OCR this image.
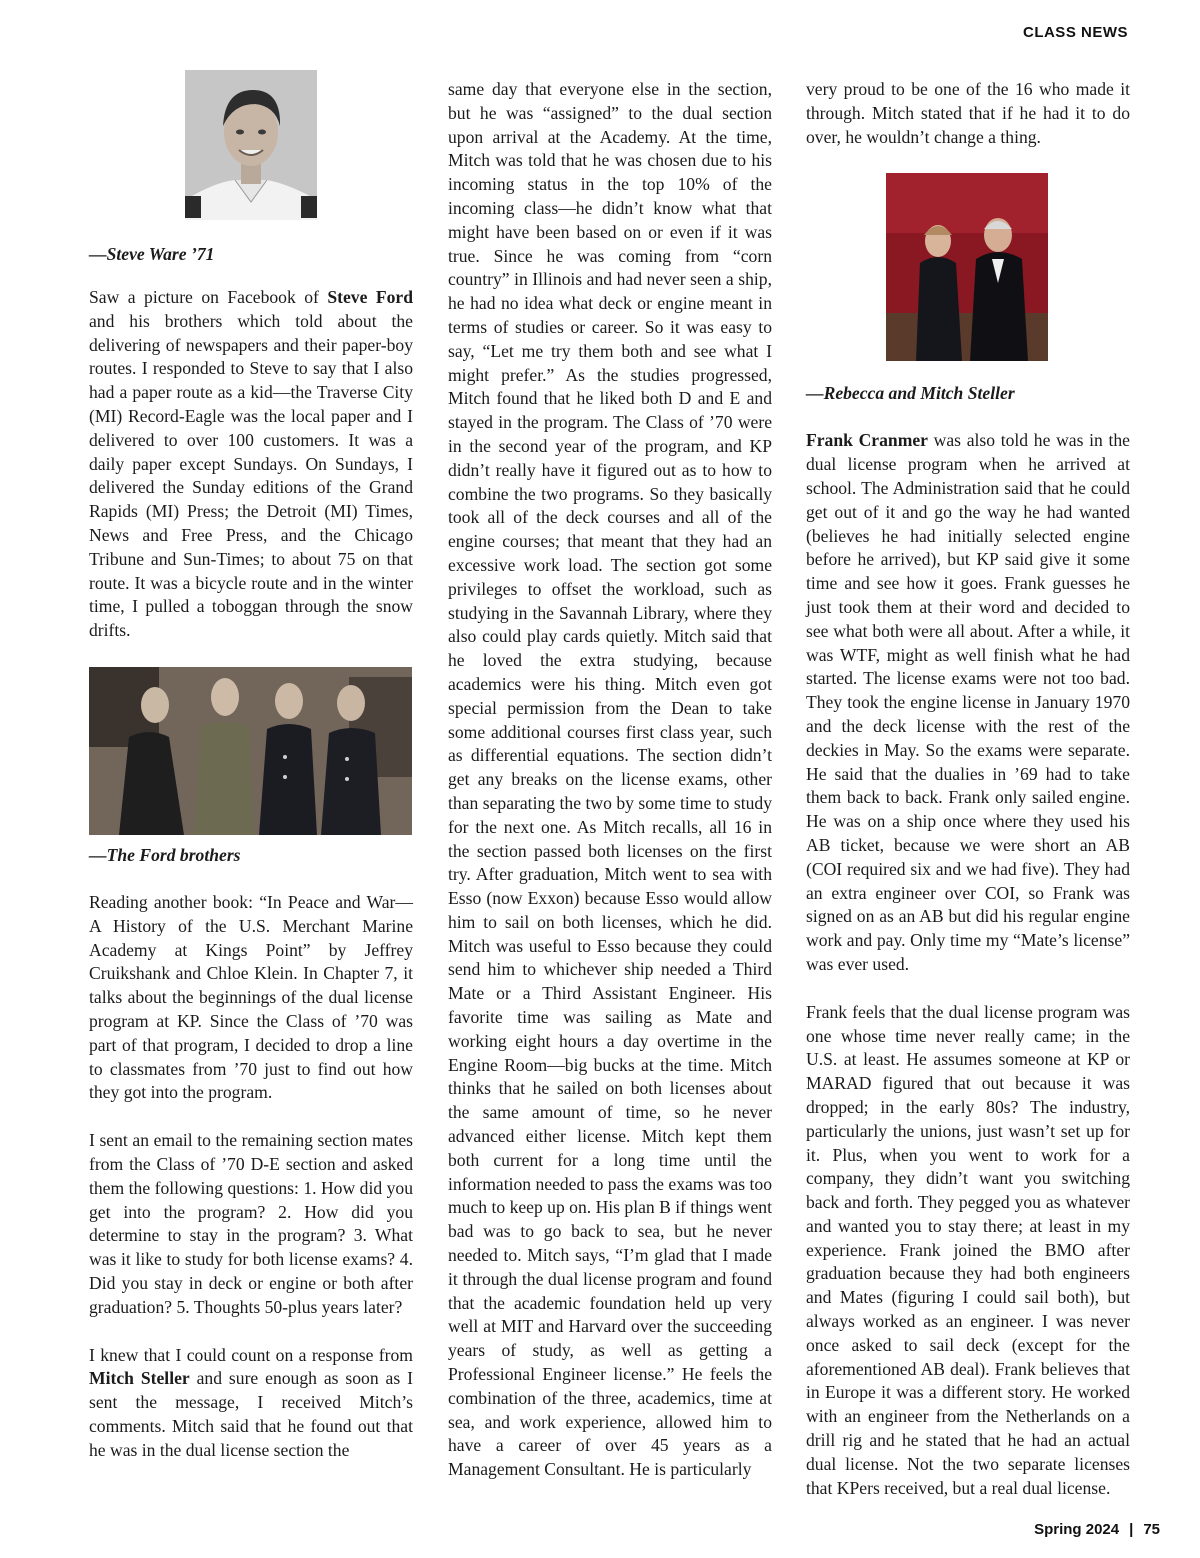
CLASS NEWS
—Steve Ware ’71

Saw a picture on Facebook of Steve Ford and his brothers which told about the delivering of newspapers and their paper-boy routes. I responded to Steve to say that I also had a paper route as a kid—the Traverse City (MI) Record-Eagle was the local paper and I delivered to over 100 customers. It was a daily paper except Sundays. On Sundays, I delivered the Sunday editions of the Grand Rapids (MI) Press; the Detroit (MI) Times, News and Free Press, and the Chicago Tribune and Sun-Times; to about 75 on that route. It was a bicycle route and in the winter time, I pulled a toboggan through the snow drifts.

—The Ford brothers

Reading another book: “In Peace and War—A History of the U.S. Merchant Marine Academy at Kings Point” by Jeffrey Cruikshank and Chloe Klein. In Chapter 7, it talks about the beginnings of the dual license program at KP. Since the Class of ’70 was part of that program, I decided to drop a line to classmates from ’70 just to find out how they got into the program.

I sent an email to the remaining section mates from the Class of ’70 D-E section and asked them the following questions: 1. How did you get into the program? 2. How did you determine to stay in the program? 3. What was it like to study for both license exams? 4. Did you stay in deck or engine or both after graduation? 5. Thoughts 50-plus years later?

I knew that I could count on a response from Mitch Steller and sure enough as soon as I sent the message, I received Mitch’s comments. Mitch said that he found out that he was in the dual license section the

same day that everyone else in the section, but he was “assigned” to the dual section upon arrival at the Academy. At the time, Mitch was told that he was chosen due to his incoming status in the top 10% of the incoming class—he didn’t know what that might have been based on or even if it was true. Since he was coming from “corn country” in Illinois and had never seen a ship, he had no idea what deck or engine meant in terms of studies or career. So it was easy to say, “Let me try them both and see what I might prefer.” As the studies progressed, Mitch found that he liked both D and E and stayed in the program. The Class of ’70 were in the second year of the program, and KP didn’t really have it figured out as to how to combine the two programs. So they basically took all of the deck courses and all of the engine courses; that meant that they had an excessive work load. The section got some privileges to offset the workload, such as studying in the Savannah Library, where they also could play cards quietly. Mitch said that he loved the extra studying, because academics were his thing. Mitch even got special permission from the Dean to take some additional courses first class year, such as differential equations. The section didn’t get any breaks on the license exams, other than separating the two by some time to study for the next one. As Mitch recalls, all 16 in the section passed both licenses on the first try. After graduation, Mitch went to sea with Esso (now Exxon) because Esso would allow him to sail on both licenses, which he did. Mitch was useful to Esso because they could send him to whichever ship needed a Third Mate or a Third Assistant Engineer. His favorite time was sailing as Mate and working eight hours a day overtime in the Engine Room—big bucks at the time. Mitch thinks that he sailed on both licenses about the same amount of time, so he never advanced either license. Mitch kept them both current for a long time until the information needed to pass the exams was too much to keep up on. His plan B if things went bad was to go back to sea, but he never needed to. Mitch says, “I’m glad that I made it through the dual license program and found that the academic foundation held up very well at MIT and Harvard over the succeeding years of study, as well as getting a Professional Engineer license.” He feels the combination of the three, academics, time at sea, and work experience, allowed him to have a career of over 45 years as a Management Consultant. He is particularly

very proud to be one of the 16 who made it through. Mitch stated that if he had it to do over, he wouldn’t change a thing.

—Rebecca and Mitch Steller

Frank Cranmer was also told he was in the dual license program when he arrived at school. The Administration said that he could get out of it and go the way he had wanted (believes he had initially selected engine before he arrived), but KP said give it some time and see how it goes. Frank guesses he just took them at their word and decided to see what both were all about. After a while, it was WTF, might as well finish what he had started. The license exams were not too bad. They took the engine license in January 1970 and the deck license with the rest of the deckies in May. So the exams were separate. He said that the dualies in ’69 had to take them back to back. Frank only sailed engine. He was on a ship once where they used his AB ticket, because we were short an AB (COI required six and we had five). They had an extra engineer over COI, so Frank was signed on as an AB but did his regular engine work and pay. Only time my “Mate’s license” was ever used.

Frank feels that the dual license program was one whose time never really came; in the U.S. at least. He assumes someone at KP or MARAD figured that out because it was dropped; in the early 80s? The industry, particularly the unions, just wasn’t set up for it. Plus, when you went to work for a company, they didn’t want you switching back and forth. They pegged you as whatever and wanted you to stay there; at least in my experience. Frank joined the BMO after graduation because they had both engineers and Mates (figuring I could sail both), but always worked as an engineer. I was never once asked to sail deck (except for the aforementioned AB deal). Frank believes that in Europe it was a different story. He worked with an engineer from the Netherlands on a drill rig and he stated that he had an actual dual license. Not the two separate licenses that KPers received, but a real dual license.

Spring 2024 | 75
